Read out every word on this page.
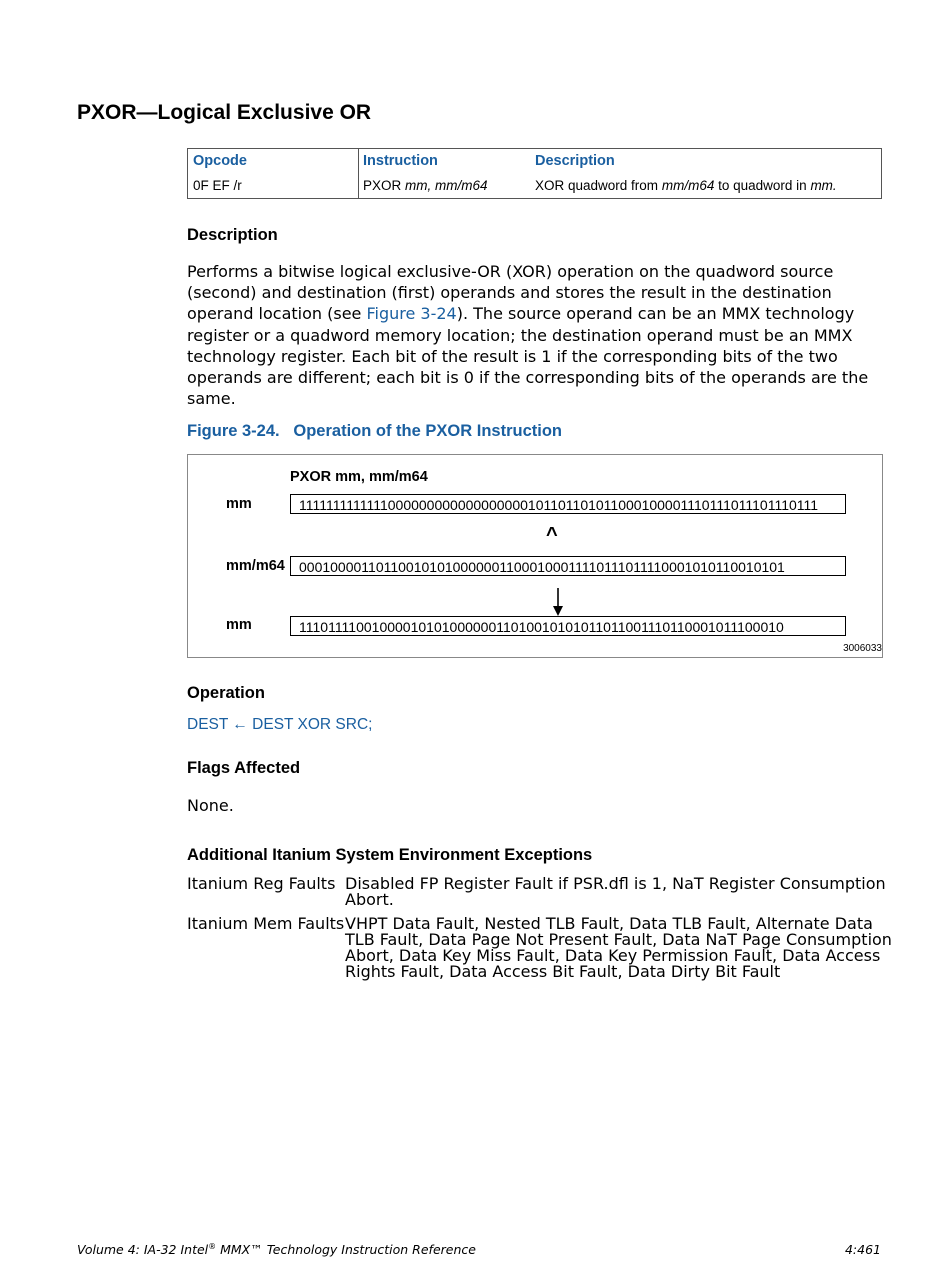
PXOR—Logical Exclusive OR
Opcode	Instruction	Description
0F EF /r	PXOR mm, mm/m64	XOR quadword from mm/m64 to quadword in mm.
Description
Performs a bitwise logical exclusive-OR (XOR) operation on the quadword source
(second) and destination (first) operands and stores the result in the destination
operand location (see Figure 3-24). The source operand can be an MMX technology
register or a quadword memory location; the destination operand must be an MMX
technology register. Each bit of the result is 1 if the corresponding bits of the two
operands are different; each bit is 0 if the corresponding bits of the operands are the
same.
Figure 3-24. Operation of the PXOR Instruction
PXOR mm, mm/m64
mm	1111111111111000000000000000000101101101011000100001110111011101110111
^
mm/m64	0001000011011001010100000011000100011110111011110001010110010101
mm	1110111100100001010100000011010010101011011001110110001011100010
3006033
Operation
DEST ← DEST XOR SRC;
Flags Affected
None.
Additional Itanium System Environment Exceptions
Itanium Reg Faults Disabled FP Register Fault if PSR.dfl is 1, NaT Register Consumption
Abort.
Itanium Mem Faults VHPT Data Fault, Nested TLB Fault, Data TLB Fault, Alternate Data
TLB Fault, Data Page Not Present Fault, Data NaT Page Consumption
Abort, Data Key Miss Fault, Data Key Permission Fault, Data Access
Rights Fault, Data Access Bit Fault, Data Dirty Bit Fault
Volume 4: IA-32 Intel® MMX™ Technology Instruction Reference	4:461
